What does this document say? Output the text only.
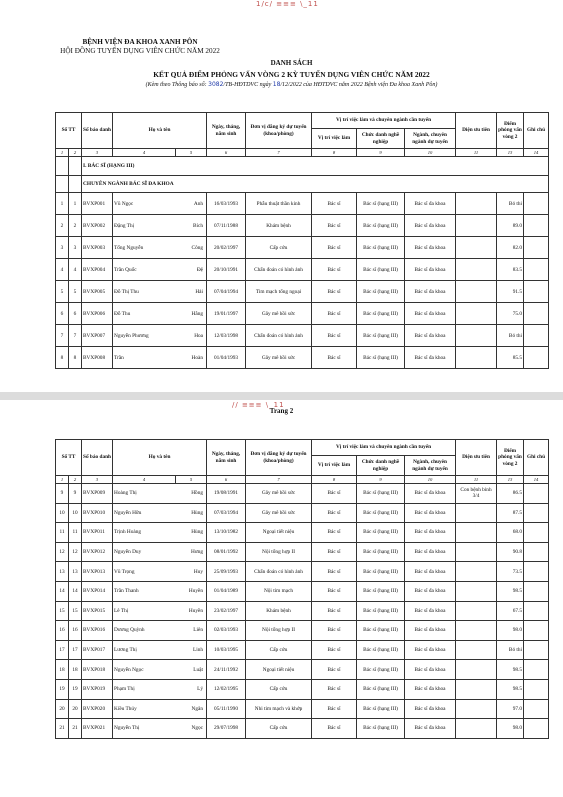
1/c/ ≡≡≡ \_11
BỆNH VIỆN ĐA KHOA XANH PÔN
HỘI ĐỒNG TUYỂN DỤNG VIÊN CHỨC NĂM 2022
DANH SÁCH
KẾT QUẢ ĐIỂM PHỎNG VẤN VÒNG 2 KỲ TUYỂN DỤNG VIÊN CHỨC NĂM 2022
(Kèm theo Thông báo số: 3082/TB-HĐTDVC ngày 18/12/2022 của HĐTDVC năm 2022 Bệnh viện Đa khoa Xanh Pôn)
Số TT		Số báo danh	Họ và tên		Ngày, tháng, năm sinh	Đơn vị đăng ký dự tuyển (khoa/phòng)	Vị trí việc làm và chuyên ngành cần tuyển			Diện ưu tiên	Điểm phỏng vấn vòng 2	Ghi chú
							Vị trí việc làm	Chức danh nghề nghiệp	Ngành, chuyên ngành dự tuyển			
1	2	3	4	5	6	7	8	9	10	11	13	14
		I. BÁC SĨ (HẠNG III)										
		CHUYÊN NGÀNH BÁC SĨ ĐA KHOA										
1	1	BVXP001	Vũ Ngọc	Anh	16/03/1993	Phẫu thuật thần kinh	Bác sĩ	Bác sĩ (hạng III)	Bác sĩ đa khoa		Bỏ thi	
2	2	BVXP002	Đặng Thị	Bích	07/11/1988	Khám bệnh	Bác sĩ	Bác sĩ (hạng III)	Bác sĩ đa khoa		89.0	
3	3	BVXP003	Tống Nguyễn	Công	20/02/1997	Cấp cứu	Bác sĩ	Bác sĩ (hạng III)	Bác sĩ đa khoa		82.0	
4	4	BVXP004	Trần Quốc	Đệ	20/10/1991	Chẩn đoán có hình ảnh	Bác sĩ	Bác sĩ (hạng III)	Bác sĩ đa khoa		83.5	
5	5	BVXP005	Đỗ Thị Thu	Hải	07/04/1994	Tim mạch tổng ngoại	Bác sĩ	Bác sĩ (hạng III)	Bác sĩ đa khoa		91.5	
6	6	BVXP006	Đỗ Thu	Hằng	19/01/1997	Gây mê hồi sức	Bác sĩ	Bác sĩ (hạng III)	Bác sĩ đa khoa		75.0	
7	7	BVXP007	Nguyễn Phương	Hoa	12/03/1998	Chẩn đoán có hình ảnh	Bác sĩ	Bác sĩ (hạng III)	Bác sĩ đa khoa		Bỏ thi	
8	8	BVXP008	Trần	Hoàn	01/04/1993	Gây mê hồi sức	Bác sĩ	Bác sĩ (hạng III)	Bác sĩ đa khoa		85.5	
// ≡≡≡ \_11
Trang 2
Số TT		Số báo danh	Họ và tên		Ngày, tháng, năm sinh	Đơn vị đăng ký dự tuyển (khoa/phòng)	Vị trí việc làm và chuyên ngành cần tuyển			Diện ưu tiên	Điểm phỏng vấn vòng 2	Ghi chú
							Vị trí việc làm	Chức danh nghề nghiệp	Ngành, chuyên ngành dự tuyển			
1	2	3	4	5	6	7	8	9	10	11	13	14
9	9	BVXP009	Hoàng Thị	Hồng	19/08/1991	Gây mê hồi sức	Bác sĩ	Bác sĩ (hạng III)	Bác sĩ đa khoa	Con bệnh binh 3/4	86.5	
10	10	BVXP010	Nguyễn Hữu	Hùng	07/03/1994	Gây mê hồi sức	Bác sĩ	Bác sĩ (hạng III)	Bác sĩ đa khoa		87.5	
11	11	BVXP011	Trịnh Hoàng	Hùng	13/10/1982	Ngoại tiết niệu	Bác sĩ	Bác sĩ (hạng III)	Bác sĩ đa khoa		68.0	
12	12	BVXP012	Nguyễn Duy	Hưng	08/01/1992	Nội tổng hợp II	Bác sĩ	Bác sĩ (hạng III)	Bác sĩ đa khoa		90.8	
13	13	BVXP013	Vũ Trọng	Huy	25/09/1993	Chẩn đoán có hình ảnh	Bác sĩ	Bác sĩ (hạng III)	Bác sĩ đa khoa		73.5	
14	14	BVXP014	Trần Thanh	Huyền	01/04/1989	Nội tim mạch	Bác sĩ	Bác sĩ (hạng III)	Bác sĩ đa khoa		98.5	
15	15	BVXP015	Lê Thị	Huyền	23/02/1997	Khám bệnh	Bác sĩ	Bác sĩ (hạng III)	Bác sĩ đa khoa		67.5	
16	16	BVXP016	Dương Quỳnh	Liên	02/03/1993	Nội tổng hợp II	Bác sĩ	Bác sĩ (hạng III)	Bác sĩ đa khoa		98.0	
17	17	BVXP017	Lương Thị	Linh	10/03/1995	Cấp cứu	Bác sĩ	Bác sĩ (hạng III)	Bác sĩ đa khoa		Bỏ thi	
18	18	BVXP018	Nguyễn Ngọc	Luật	24/11/1992	Ngoại tiết niệu	Bác sĩ	Bác sĩ (hạng III)	Bác sĩ đa khoa		98.5	
19	19	BVXP019	Phạm Thị	Lý	12/02/1995	Cấp cứu	Bác sĩ	Bác sĩ (hạng III)	Bác sĩ đa khoa		98.5	
20	20	BVXP020	Kiều Thúy	Ngân	05/11/1990	Nhi tim mạch và khớp	Bác sĩ	Bác sĩ (hạng III)	Bác sĩ đa khoa		97.0	
21	21	BVXP021	Nguyễn Thị	Ngọc	29/07/1998	Cấp cứu	Bác sĩ	Bác sĩ (hạng III)	Bác sĩ đa khoa		98.0	
